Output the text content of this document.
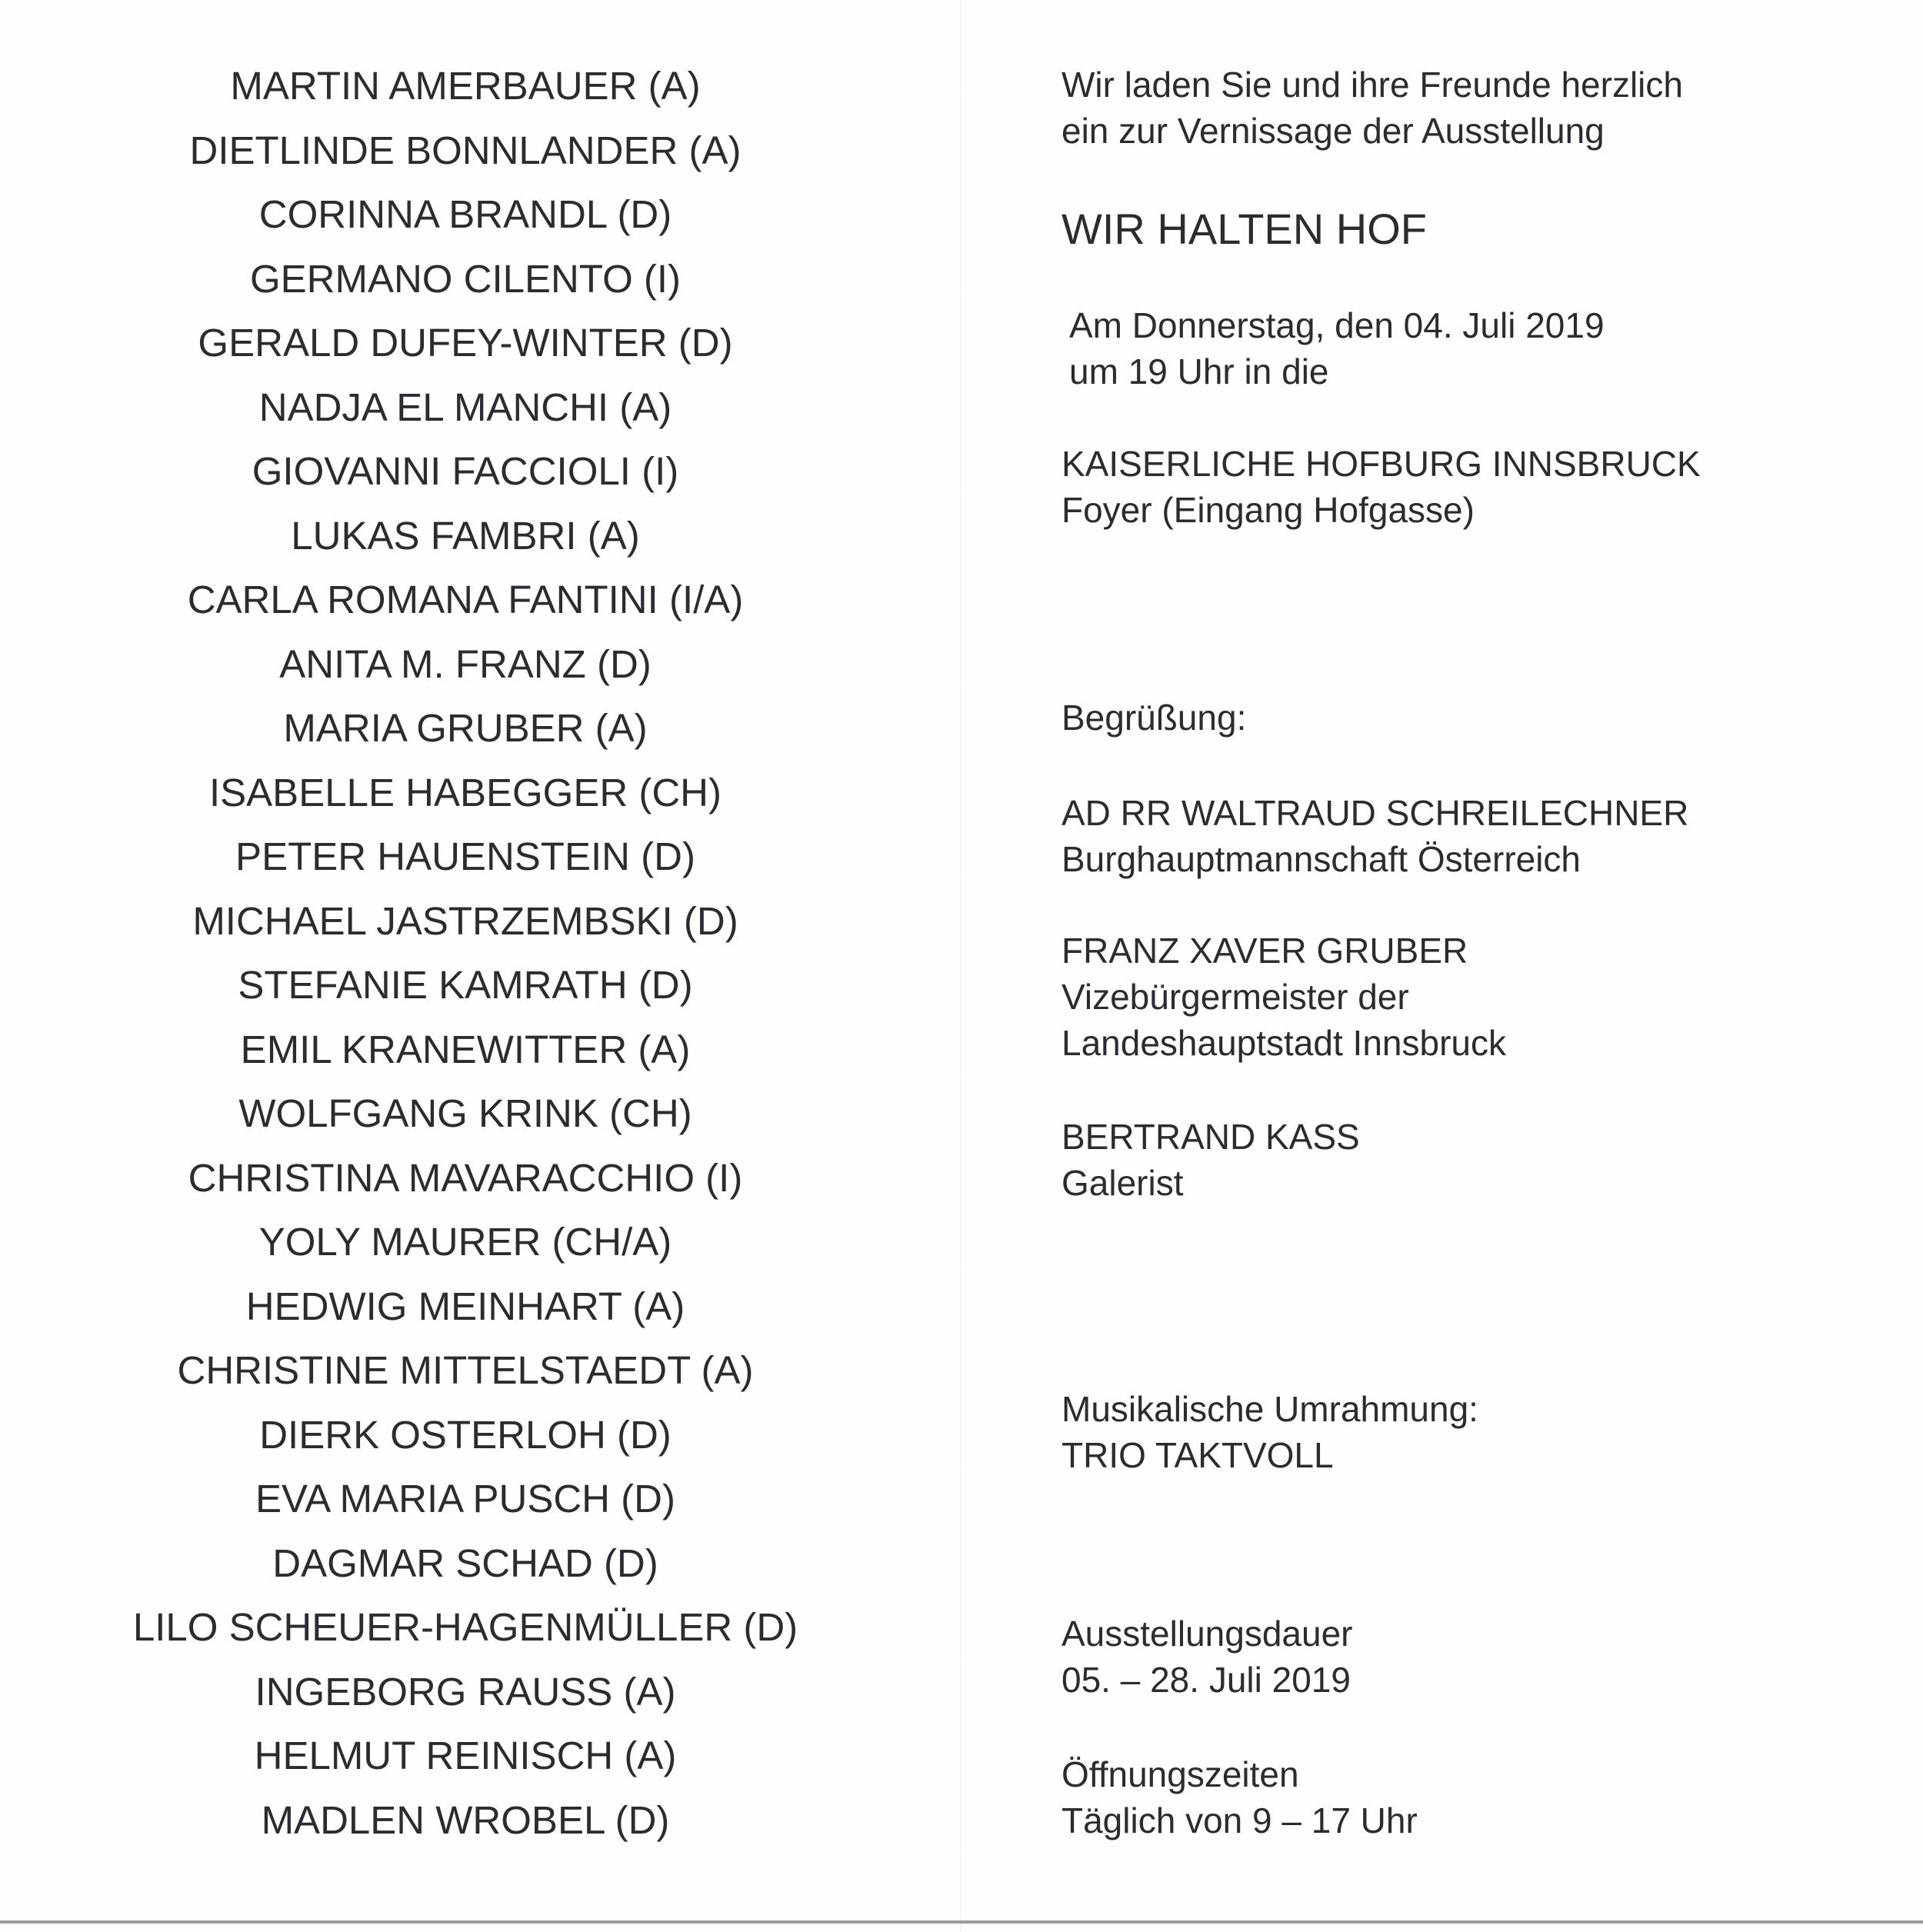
MARTIN AMERBAUER (A)
DIETLINDE BONNLANDER (A)
CORINNA BRANDL (D)
GERMANO CILENTO (I)
GERALD DUFEY-WINTER (D)
NADJA EL MANCHI (A)
GIOVANNI FACCIOLI (I)
LUKAS FAMBRI (A)
CARLA ROMANA FANTINI (I/A)
ANITA M. FRANZ (D)
MARIA GRUBER (A)
ISABELLE HABEGGER (CH)
PETER HAUENSTEIN (D)
MICHAEL JASTRZEMBSKI (D)
STEFANIE KAMRATH (D)
EMIL KRANEWITTER (A)
WOLFGANG KRINK (CH)
CHRISTINA MAVARACCHIO (I)
YOLY MAURER (CH/A)
HEDWIG MEINHART (A)
CHRISTINE MITTELSTAEDT (A)
DIERK OSTERLOH (D)
EVA MARIA PUSCH (D)
DAGMAR SCHAD (D)
LILO SCHEUER-HAGENMÜLLER (D)
INGEBORG RAUSS (A)
HELMUT REINISCH (A)
MADLEN WROBEL (D)
Wir laden Sie und ihre Freunde herzlich
ein zur Vernissage der Ausstellung
WIR HALTEN HOF
Am Donnerstag, den 04. Juli 2019
um 19 Uhr in die
KAISERLICHE HOFBURG INNSBRUCK
Foyer (Eingang Hofgasse)
Begrüßung:
AD RR WALTRAUD SCHREILECHNER
Burghauptmannschaft Österreich
FRANZ XAVER GRUBER
Vizebürgermeister der
Landeshauptstadt Innsbruck
BERTRAND KASS
Galerist
Musikalische Umrahmung:
TRIO TAKTVOLL
Ausstellungsdauer
05. – 28. Juli 2019
Öffnungszeiten
Täglich von 9 – 17 Uhr
